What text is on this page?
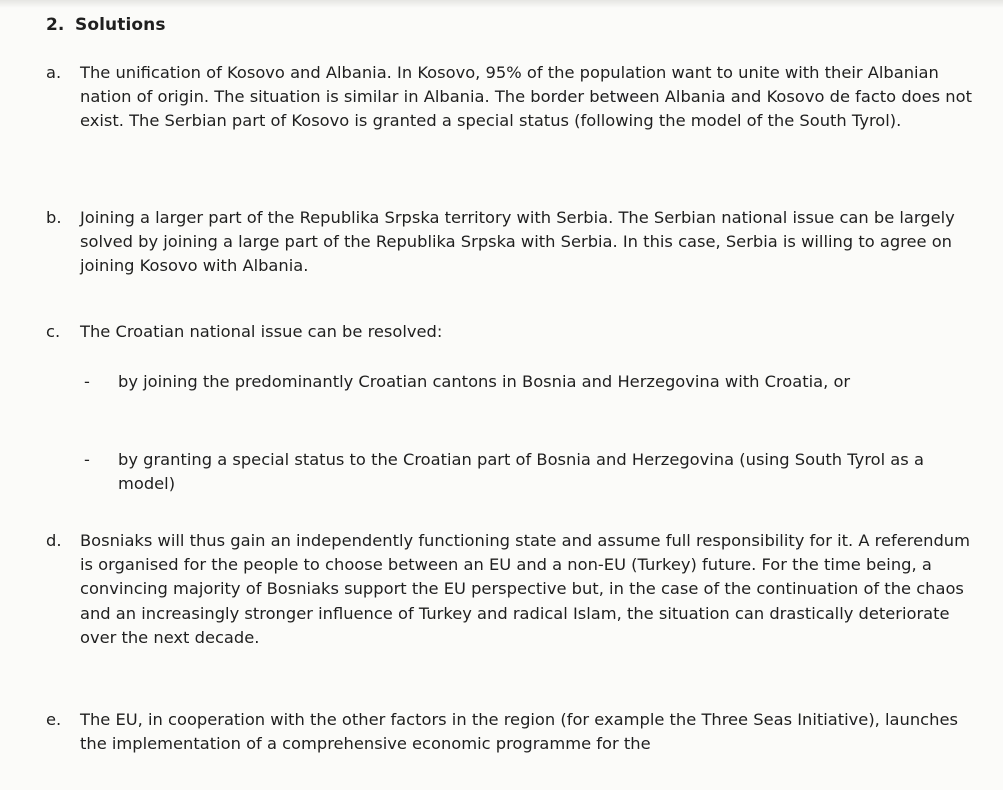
2. Solutions
a. The unification of Kosovo and Albania. In Kosovo, 95% of the population want to unite with their Albanian nation of origin. The situation is similar in Albania. The border between Albania and Kosovo de facto does not exist. The Serbian part of Kosovo is granted a special status (following the model of the South Tyrol).
b. Joining a larger part of the Republika Srpska territory with Serbia. The Serbian national issue can be largely solved by joining a large part of the Republika Srpska with Serbia. In this case, Serbia is willing to agree on joining Kosovo with Albania.
c. The Croatian national issue can be resolved:
- by joining the predominantly Croatian cantons in Bosnia and Herzegovina with Croatia, or
- by granting a special status to the Croatian part of Bosnia and Herzegovina (using South Tyrol as a model)
d. Bosniaks will thus gain an independently functioning state and assume full responsibility for it. A referendum is organised for the people to choose between an EU and a non-EU (Turkey) future. For the time being, a convincing majority of Bosniaks support the EU perspective but, in the case of the continuation of the chaos and an increasingly stronger influence of Turkey and radical Islam, the situation can drastically deteriorate over the next decade.
e. The EU, in cooperation with the other factors in the region (for example the Three Seas Initiative), launches the implementation of a comprehensive economic programme for the
